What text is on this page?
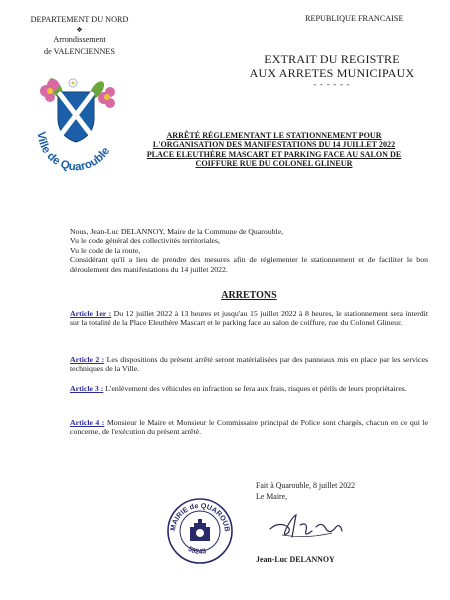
DEPARTEMENT DU NORD
❖
Arrondissement
de VALENCIENNES
REPUBLIQUE FRANCAISE
EXTRAIT DU REGISTRE
AUX ARRETES MUNICIPAUX
- - - - - -
Ville de Quarouble
ARRÊTÉ RÉGLEMENTANT LE STATIONNEMENT POUR
L'ORGANISATION DES MANIFESTATIONS DU 14 JUILLET 2022
PLACE ELEUTHÈRE MASCART ET PARKING FACE AU SALON DE
COIFFURE RUE DU COLONEL GLINEUR

Nous, Jean-Luc DELANNOY, Maire de la Commune de Quarouble,

Vu le code général des collectivités territoriales,

Vu le code de la route,

Considérant qu'il a lieu de prendre des mesures afin de réglementer le stationnement et de faciliter le bon déroulement des manifestations du 14 juillet 2022.

ARRETONS

Article 1er : Du 12 juillet 2022 à 13 heures et jusqu'au 15 juillet 2022 à 8 heures, le stationnement sera interdit sur la totalité de la Place Eleuthère Mascart et le parking face au salon de coiffure, rue du Colonel Glineur.

Article 2 : Les dispositions du présent arrêté seront matérialisées par des panneaux mis en place par les services techniques de la Ville.

Article 3 : L'enlèvement des véhicules en infraction se fera aux frais, risques et périls de leurs propriétaires.

Article 4 : Monsieur le Maire et Monsieur le Commissaire principal de Police sont chargés, chacun en ce qui le concerne, de l'exécution du présent arrêté.

Fait à Quarouble, 8 juillet 2022
Le Maire,
MAIRIE de QUAROUB
59243
Jean-Luc DELANNOY
